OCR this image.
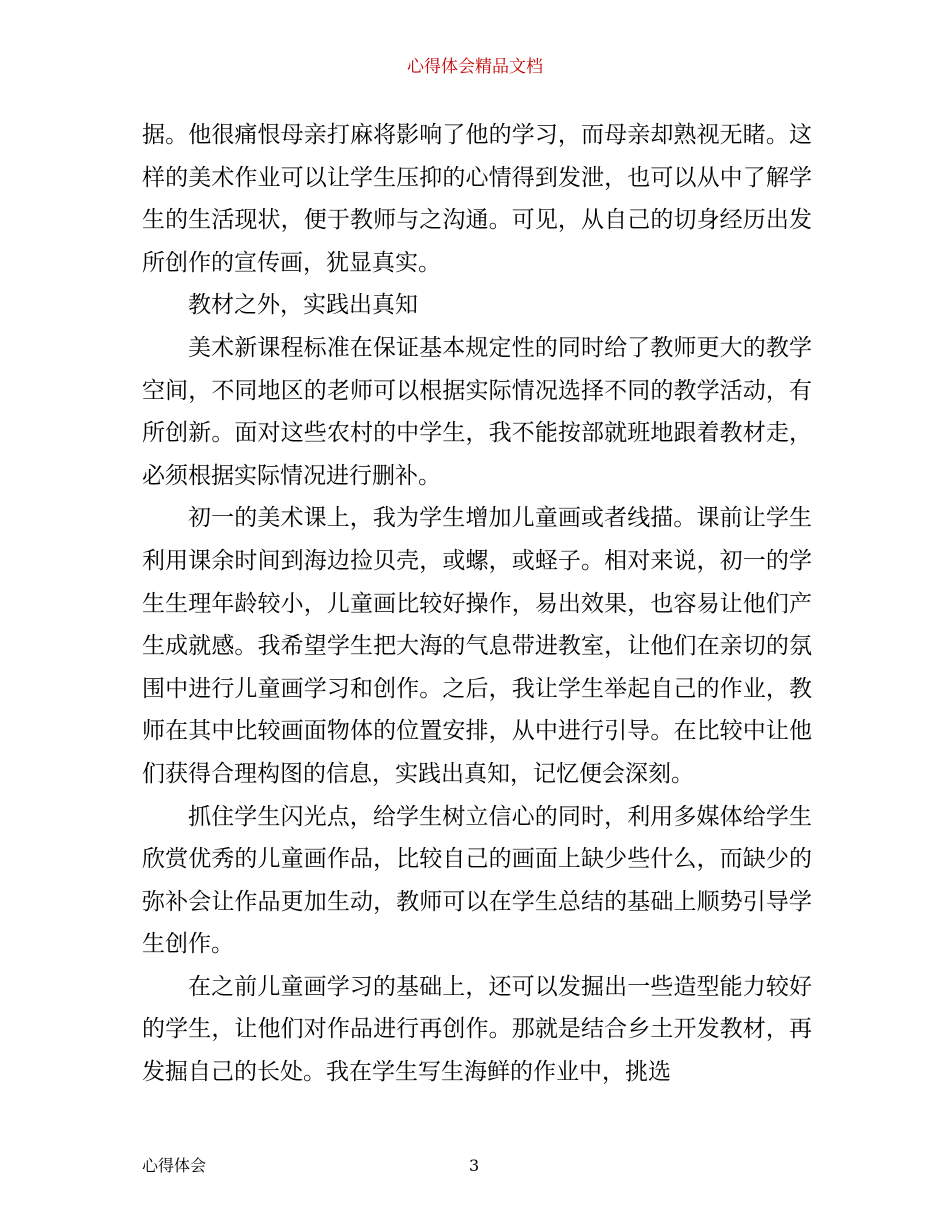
心得体会精品文档

据。他很痛恨母亲打麻将影响了他的学习，而母亲却熟视无睹。这样的美术作业可以让学生压抑的心情得到发泄，也可以从中了解学生的生活现状，便于教师与之沟通。可见，从自己的切身经历出发所创作的宣传画，犹显真实。

教材之外，实践出真知

美术新课程标准在保证基本规定性的同时给了教师更大的教学空间，不同地区的老师可以根据实际情况选择不同的教学活动，有所创新。面对这些农村的中学生，我不能按部就班地跟着教材走，必须根据实际情况进行删补。

初一的美术课上，我为学生增加儿童画或者线描。课前让学生利用课余时间到海边捡贝壳，或螺，或蛏子。相对来说，初一的学生生理年龄较小，儿童画比较好操作，易出效果，也容易让他们产生成就感。我希望学生把大海的气息带进教室，让他们在亲切的氛围中进行儿童画学习和创作。之后，我让学生举起自己的作业，教师在其中比较画面物体的位置安排，从中进行引导。在比较中让他们获得合理构图的信息，实践出真知，记忆便会深刻。

抓住学生闪光点，给学生树立信心的同时，利用多媒体给学生欣赏优秀的儿童画作品，比较自己的画面上缺少些什么，而缺少的弥补会让作品更加生动，教师可以在学生总结的基础上顺势引导学生创作。

在之前儿童画学习的基础上，还可以发掘出一些造型能力较好的学生，让他们对作品进行再创作。那就是结合乡土开发教材，再发掘自己的长处。我在学生写生海鲜的作业中，挑选

心得体会	3
